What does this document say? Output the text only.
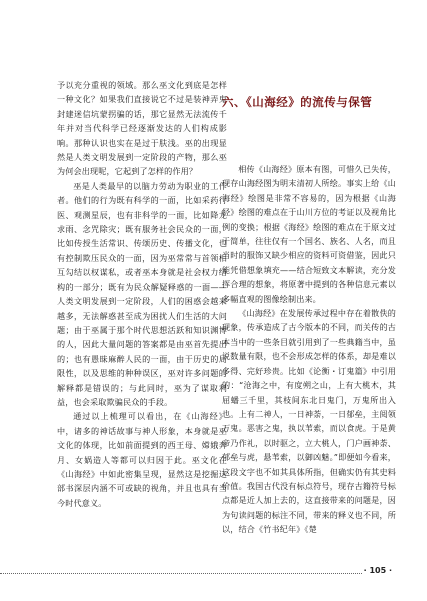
予以充分重视的领域。那么巫文化到底是怎样一种文化？如果我们直接说它不过是装神弄鬼封建迷信坑蒙拐骗的话，那它显然无法流传千年并对当代科学已经逐渐发达的人们构成影响。那种认识也实在是过于肤浅。巫的出现显然是人类文明发展到一定阶段的产物，那么巫为何会出现呢，它起到了怎样的作用？

巫是人类最早的以脑力劳动为职业的工作者。他们的行为既有科学的一面，比如采药行医、观测星辰，也有非科学的一面，比如降龙求雨、念咒除灾；既有服务社会民众的一面，比如传授生活常识、传颂历史、传播文化，也有控制欺压民众的一面，因为巫常常与首领相互勾结以权谋私，或者巫本身就是社会权力结构的一部分；既有为民众解疑释惑的一面——人类文明发展到一定阶段，人们的困惑会越来越多，无法解惑甚至成为困扰人们生活的大问题；由于巫属于那个时代思想活跃和知识渊博的人，因此大量问题的答案都是由巫首先提出的；也有愚昧麻醉人民的一面，由于历史的局限性，以及思维的种种误区，巫对许多问题的解释都是错误的；与此同时，巫为了谋取利益，也会采取欺骗民众的手段。

通过以上梳理可以看出，在《山海经》中，诸多的神话故事与神人形象，本身就是巫文化的体现，比如前面提到的西王母、嫦娥奔月、女娲造人等都可以归因于此。巫文化在《山海经》中如此密集呈现，显然这是挖掘这部书深层内涵不可或缺的视角，并且也具有当今时代意义。

六、《山海经》的流传与保管

相传《山海经》原本有图，可惜久已失传，现存山海经图为明末清初人所绘。事实上给《山海经》绘图是非常不容易的，因为根据《山海经》绘图的难点在于山川方位的考证以及视角比例的变换；根据《海经》绘图的难点在于原文过于简单，往往仅有一个国名、族名、人名，而且当时的服饰又缺少相应的资料可资借鉴，因此只能凭借想象填充——结合短致文本解读，充分发挥合理的想象，将原著中提到的各种信息元素以多幅直观的图像绘制出来。

《山海经》在发展传承过程中存在着散佚的现象，传承造成了古今版本的不同，而关传的古本当中的一些条目就引用到了一些典籍当中，虽说数量有限，也不会形成怎样的体系，却是难以多得、完好珍贵。比如《论衡・订鬼篇》中引用的：“沧海之中，有度朔之山，上有大桃木，其屈蟠三千里，其枝间东北日鬼门，万鬼所出入也。上有二神人，一日神荼，一日郁垒，主阅领万鬼。恶害之鬼，执以苇索，而以食虎。于是黄帝乃作礼，以时驱之，立大桃人，门户画神荼、郁垒与虎，悬苇索，以御凶魅。”即便如今看来，这段文字也不如其具体所指，但确实仍有其史料价值。我国古代没有标点符号，现存古籍符号标点都是近人加上去的，这直接带来的问题是，因为句读问题的标注不同，带来的释义也不同，所以，结合《竹书纪年》《楚

· 105 ·
